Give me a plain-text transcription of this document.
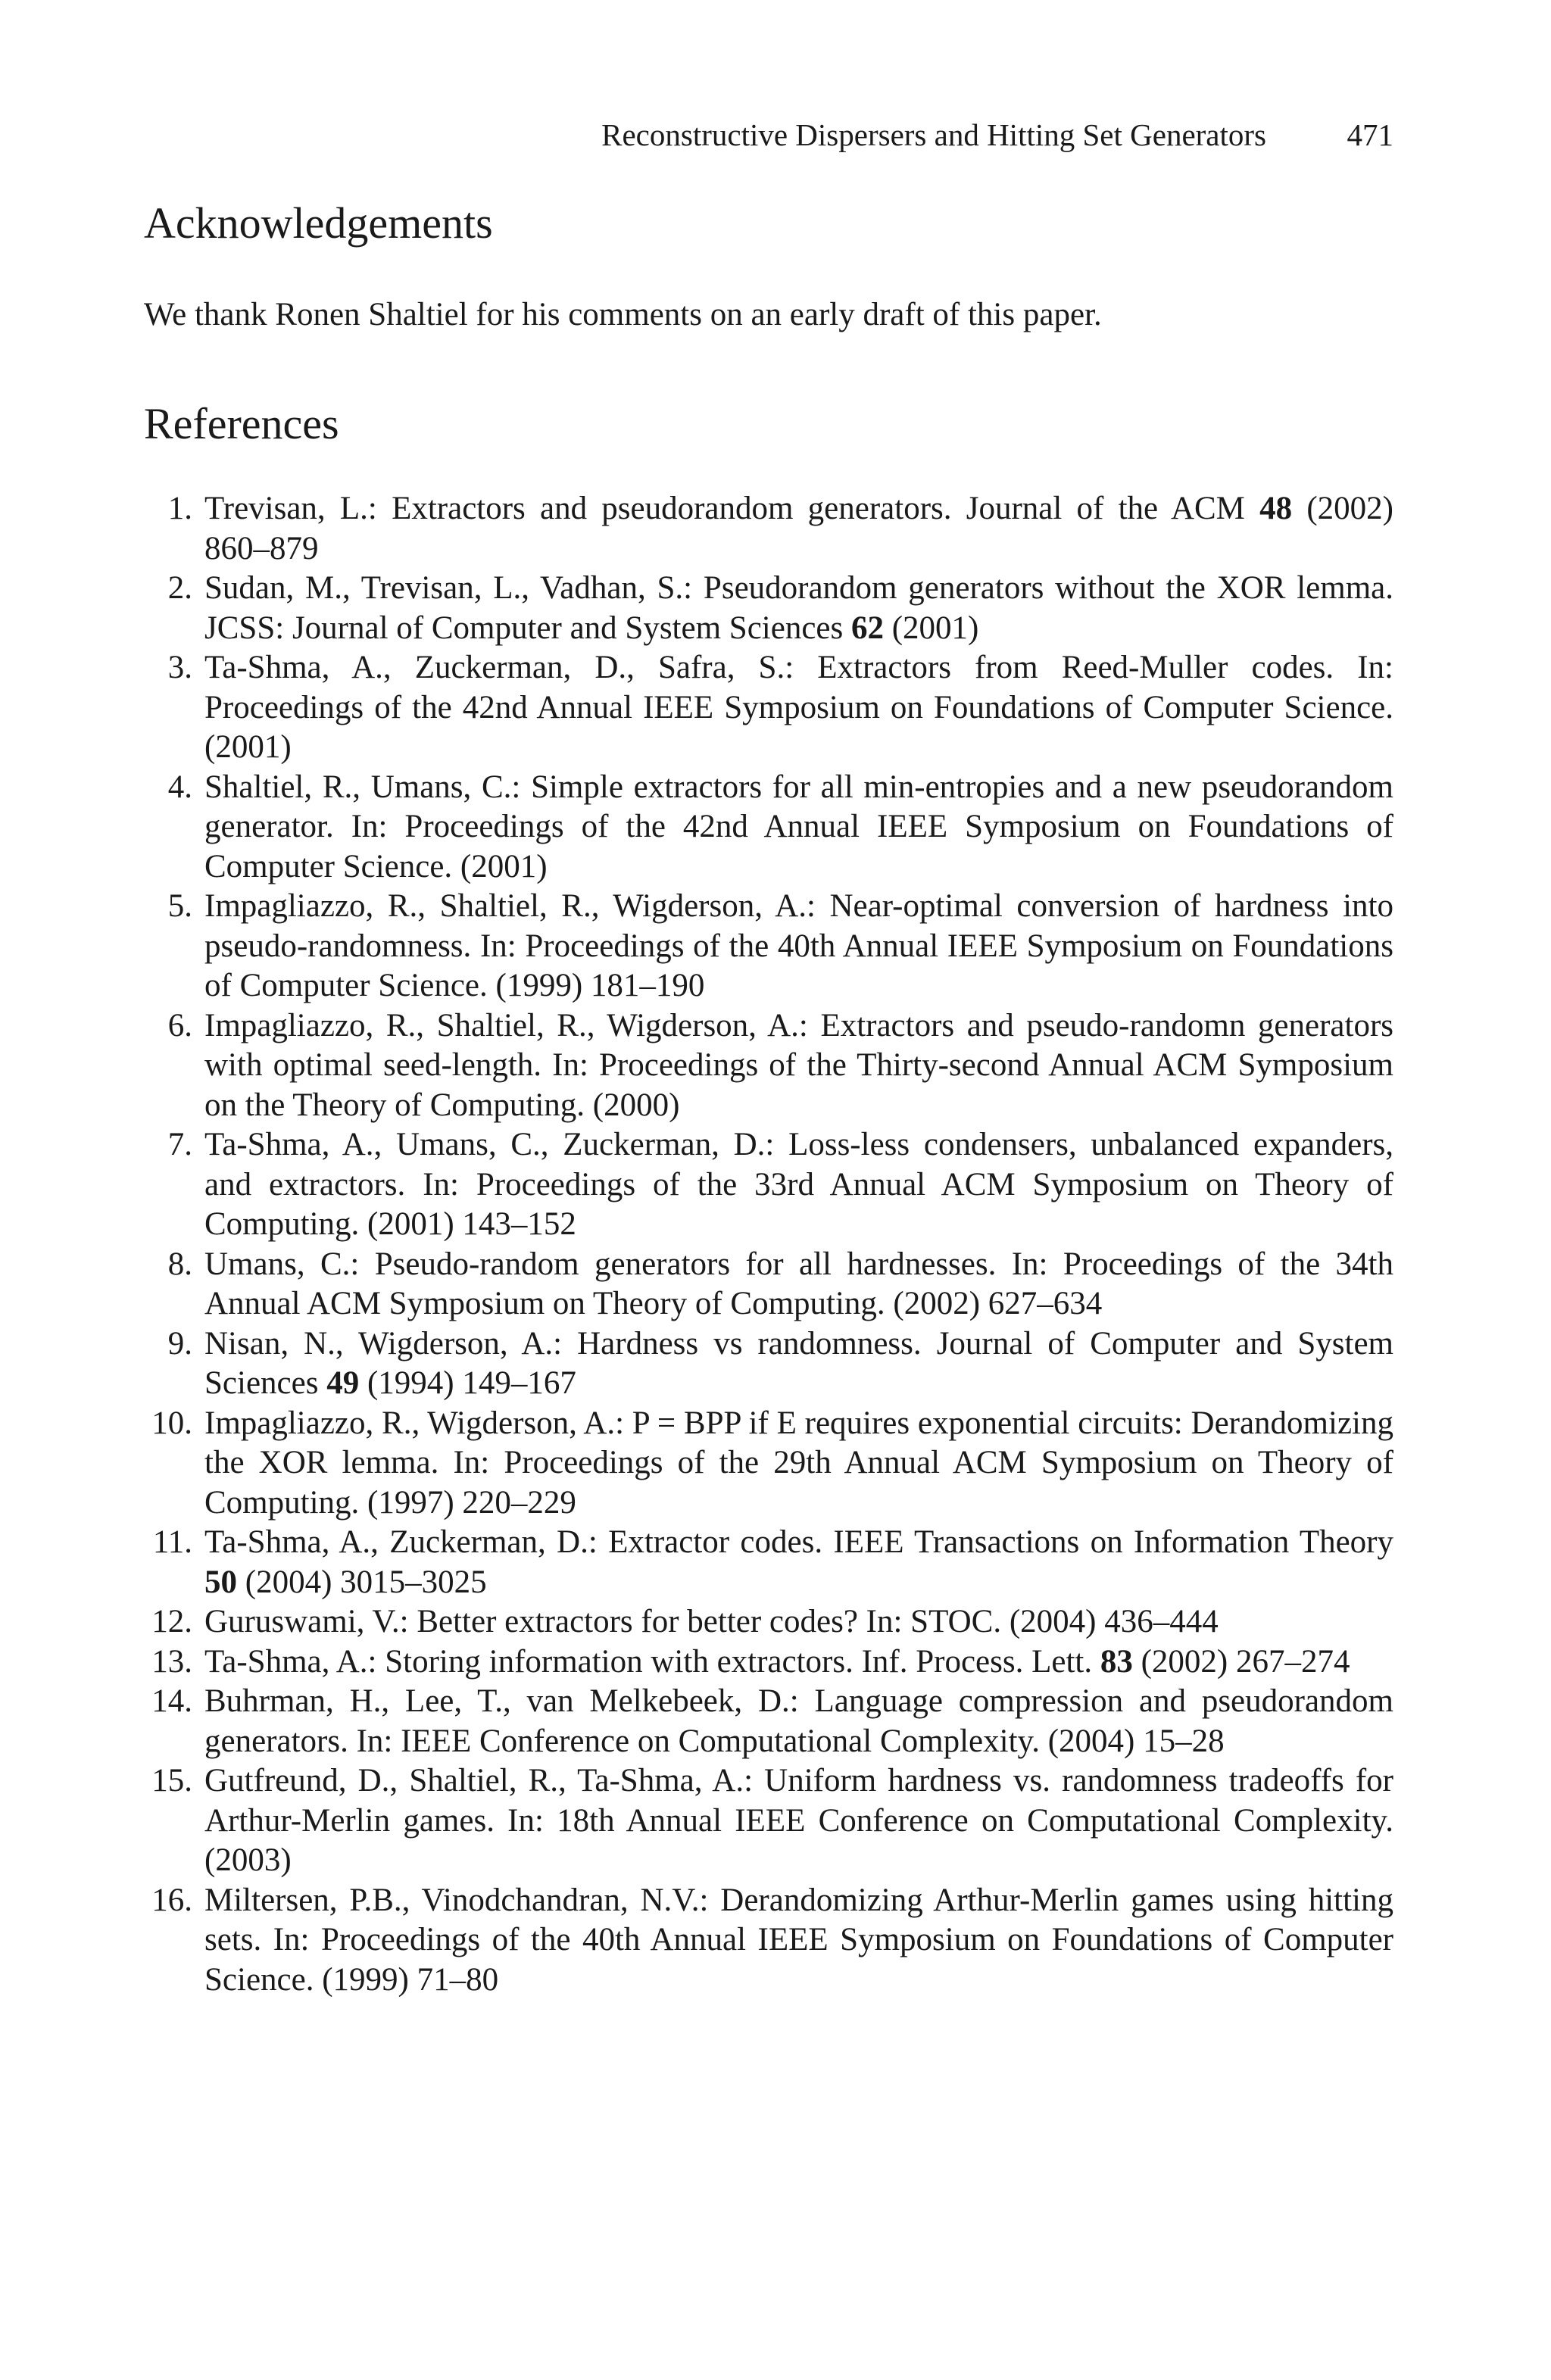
Reconstructive Dispersers and Hitting Set Generators	471
Acknowledgements

We thank Ronen Shaltiel for his comments on an early draft of this paper.

References
1. Trevisan, L.: Extractors and pseudorandom generators. Journal of the ACM 48 (2002) 860–879
2. Sudan, M., Trevisan, L., Vadhan, S.: Pseudorandom generators without the XOR lemma. JCSS: Journal of Computer and System Sciences 62 (2001)
3. Ta-Shma, A., Zuckerman, D., Safra, S.: Extractors from Reed-Muller codes. In: Proceedings of the 42nd Annual IEEE Symposium on Foundations of Computer Science. (2001)
4. Shaltiel, R., Umans, C.: Simple extractors for all min-entropies and a new pseudorandom generator. In: Proceedings of the 42nd Annual IEEE Symposium on Foundations of Computer Science. (2001)
5. Impagliazzo, R., Shaltiel, R., Wigderson, A.: Near-optimal conversion of hardness into pseudo-randomness. In: Proceedings of the 40th Annual IEEE Symposium on Foundations of Computer Science. (1999) 181–190
6. Impagliazzo, R., Shaltiel, R., Wigderson, A.: Extractors and pseudo-randomn generators with optimal seed-length. In: Proceedings of the Thirty-second Annual ACM Symposium on the Theory of Computing. (2000)
7. Ta-Shma, A., Umans, C., Zuckerman, D.: Loss-less condensers, unbalanced expanders, and extractors. In: Proceedings of the 33rd Annual ACM Symposium on Theory of Computing. (2001) 143–152
8. Umans, C.: Pseudo-random generators for all hardnesses. In: Proceedings of the 34th Annual ACM Symposium on Theory of Computing. (2002) 627–634
9. Nisan, N., Wigderson, A.: Hardness vs randomness. Journal of Computer and System Sciences 49 (1994) 149–167
10. Impagliazzo, R., Wigderson, A.: P = BPP if E requires exponential circuits: Derandomizing the XOR lemma. In: Proceedings of the 29th Annual ACM Symposium on Theory of Computing. (1997) 220–229
11. Ta-Shma, A., Zuckerman, D.: Extractor codes. IEEE Transactions on Information Theory 50 (2004) 3015–3025
12. Guruswami, V.: Better extractors for better codes? In: STOC. (2004) 436–444
13. Ta-Shma, A.: Storing information with extractors. Inf. Process. Lett. 83 (2002) 267–274
14. Buhrman, H., Lee, T., van Melkebeek, D.: Language compression and pseudorandom generators. In: IEEE Conference on Computational Complexity. (2004) 15–28
15. Gutfreund, D., Shaltiel, R., Ta-Shma, A.: Uniform hardness vs. randomness tradeoffs for Arthur-Merlin games. In: 18th Annual IEEE Conference on Computational Complexity. (2003)
16. Miltersen, P.B., Vinodchandran, N.V.: Derandomizing Arthur-Merlin games using hitting sets. In: Proceedings of the 40th Annual IEEE Symposium on Foundations of Computer Science. (1999) 71–80
